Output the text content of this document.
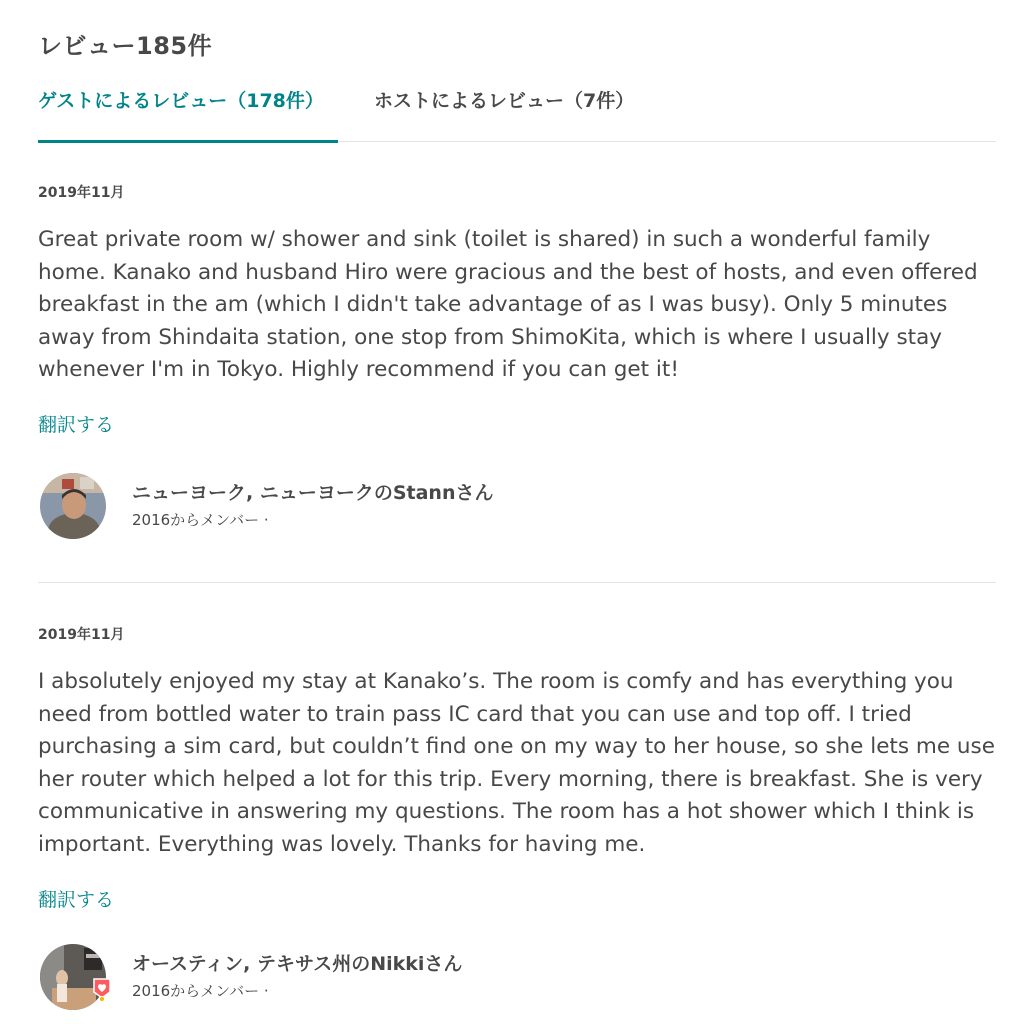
レビュー185件
ゲストによるレビュー（178件）	ホストによるレビュー（7件）
2019年11月

Great private room w/ shower and sink (toilet is shared) in such a wonderful family home. Kanako and husband Hiro were gracious and the best of hosts, and even offered breakfast in the am (which I didn't take advantage of as I was busy). Only 5 minutes away from Shindaita station, one stop from ShimoKita, which is where I usually stay whenever I'm in Tokyo. Highly recommend if you can get it!

翻訳する
ニューヨーク, ニューヨークのStannさん
2016からメンバー ·
2019年11月

I absolutely enjoyed my stay at Kanako’s. The room is comfy and has everything you need from bottled water to train pass IC card that you can use and top off. I tried purchasing a sim card, but couldn’t find one on my way to her house, so she lets me use her router which helped a lot for this trip. Every morning, there is breakfast. She is very communicative in answering my questions. The room has a hot shower which I think is important. Everything was lovely. Thanks for having me.

翻訳する
オースティン, テキサス州のNikkiさん
2016からメンバー ·
